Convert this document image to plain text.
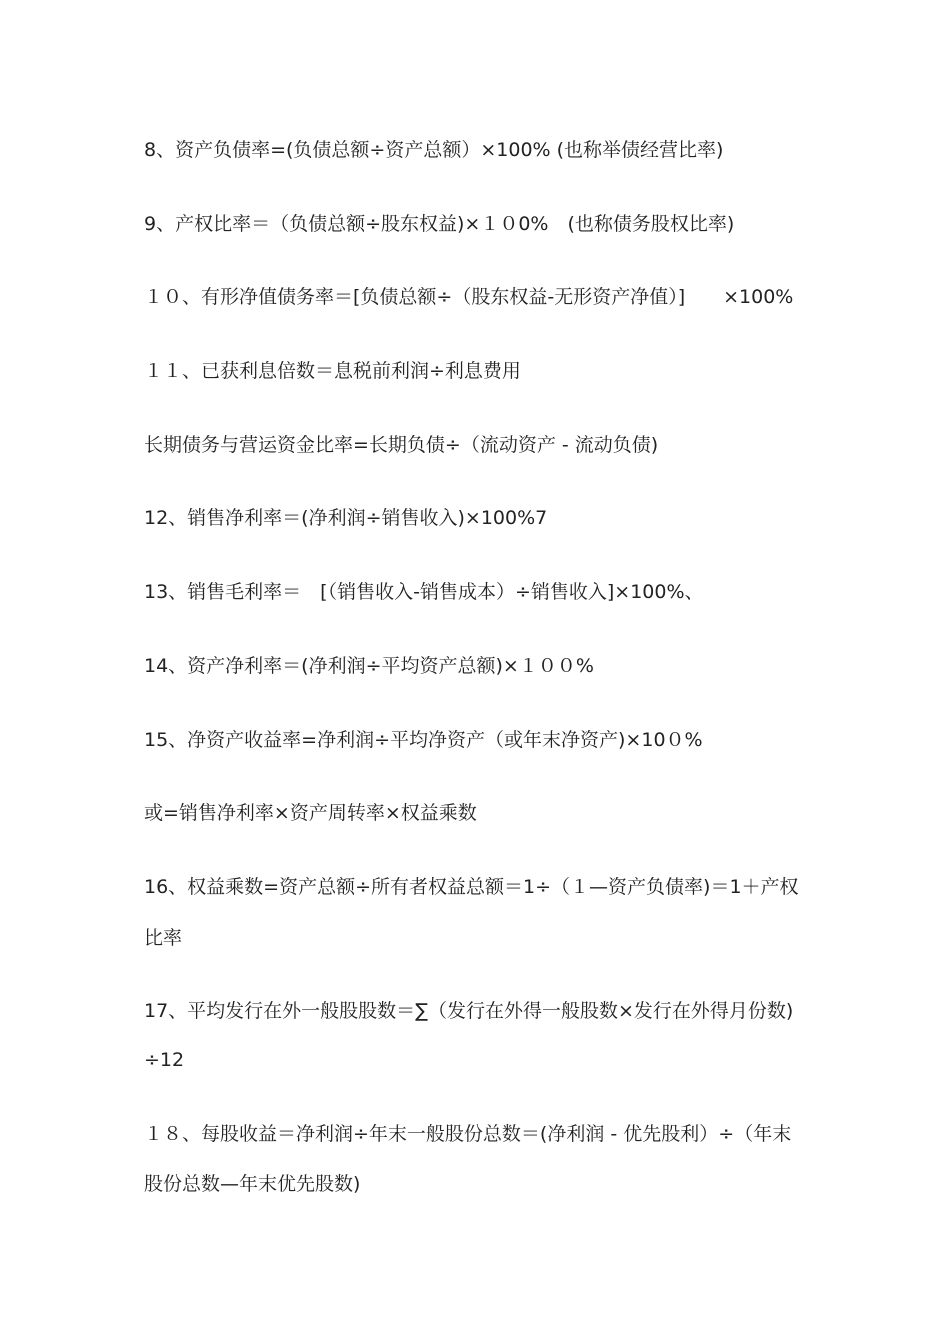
8、资产负债率=(负债总额÷资产总额）×100% (也称举债经营比率)
9、产权比率＝（负债总额÷股东权益)×１０0%　(也称债务股权比率)
１０、有形净值债务率＝[负债总额÷（股东权益-无形资产净值）]　　×100%
１１、已获利息倍数＝息税前利润÷利息费用
长期债务与营运资金比率=长期负债÷（流动资产 - 流动负债)
12、销售净利率＝(净利润÷销售收入)×100%7
13、销售毛利率＝　[（销售收入-销售成本）÷销售收入]×100%、
14、资产净利率＝(净利润÷平均资产总额)×１００%
15、净资产收益率=净利润÷平均净资产（或年末净资产)×10０%
或=销售净利率×资产周转率×权益乘数
16、权益乘数=资产总额÷所有者权益总额＝1÷（１—资产负债率)＝1＋产权
比率
17、平均发行在外一般股股数＝∑（发行在外得一般股数×发行在外得月份数)
÷12
１８、每股收益＝净利润÷年末一般股份总数＝(净利润 - 优先股利）÷（年末
股份总数—年末优先股数)
